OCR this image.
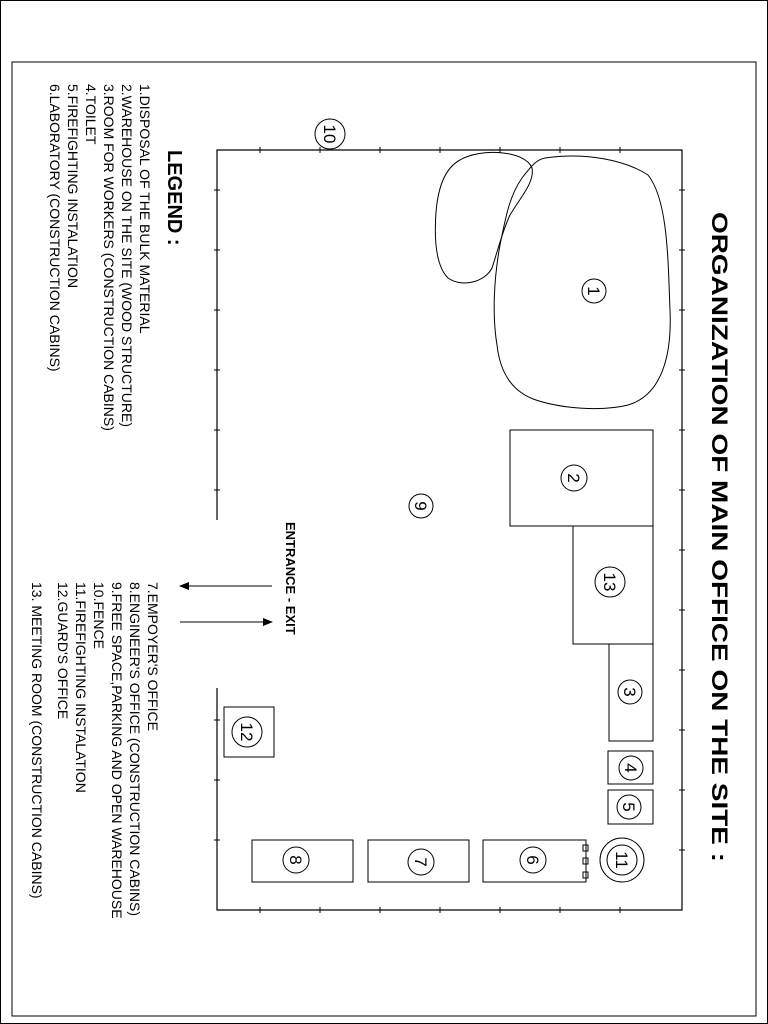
ORGANIZATION OF MAIN OFFICE ON THE SITE :
1
2
13
3
4
5
11
6
7
8
12
9
10
ENTRANCE - EXIT
LEGEND :
1.DISPOSAL OF THE BULK MATERIAL
2.WAREHOUSE ON THE SITE (WOOD STRUCTURE)
3.ROOM FOR WORKERS (CONSTRUCTION CABINS)
4.TOILET
5.FIREFIGHTING INSTALATION
6.LABORATORY (CONSTRUCTION CABINS)
7.EMPOYER'S OFFICE
8.ENGINEER'S OFFICE (CONSTRUCTION CABINS)
9.FREE SPACE,PARKING AND OPEN WAREHOUSE
10.FENCE
11.FIREFIGHTING INSTALATION
12.GUARD'S OFFICE
13. MEETING ROOM (CONSTRUCTION CABINS)
